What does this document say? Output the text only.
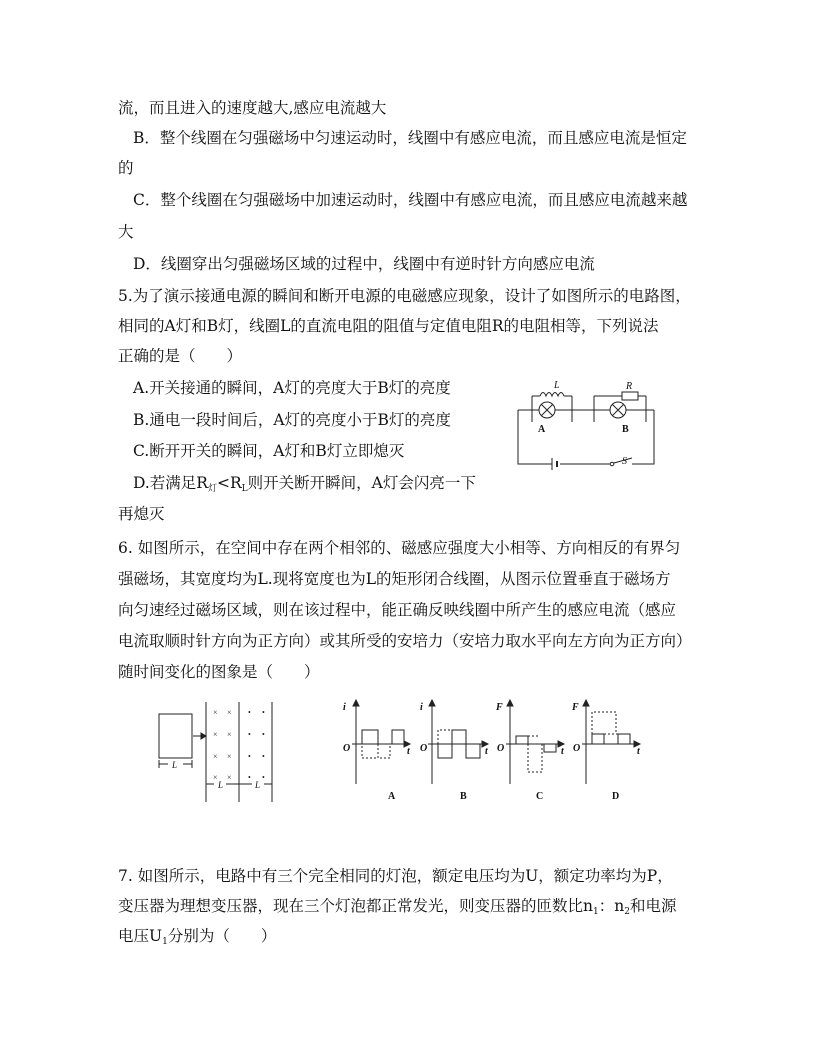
流，而且进入的速度越大,感应电流越大
B．整个线圈在匀强磁场中匀速运动时，线圈中有感应电流，而且感应电流是恒定
的
C．整个线圈在匀强磁场中加速运动时，线圈中有感应电流，而且感应电流越来越
大
D．线圈穿出匀强磁场区域的过程中，线圈中有逆时针方向感应电流
5.为了演示接通电源的瞬间和断开电源的电磁感应现象，设计了如图所示的电路图，
相同的A灯和B灯，线圈L的直流电阻的阻值与定值电阻R的电阻相等，下列说法
正确的是（　　）
A.开关接通的瞬间，A灯的亮度大于B灯的亮度
B.通电一段时间后，A灯的亮度小于B灯的亮度
C.断开开关的瞬间，A灯和B灯立即熄灭
D.若满足$R_灯<R_L$则开关断开瞬间，A灯会闪亮一下
再熄灭
L	R
S
A	B
6. 如图所示，在空间中存在两个相邻的、磁感应强度大小相等、方向相反的有界匀
强磁场，其宽度均为L.现将宽度也为L的矩形闭合线圈，从图示位置垂直于磁场方
向匀速经过磁场区域，则在该过程中，能正确反映线圈中所产生的感应电流（感应
电流取顺时针方向为正方向）或其所受的安培力（安培力取水平向左方向为正方向）
随时间变化的图象是（　　）
L
L	L
× ×
× ×
× ×
× ×
• •
• •
• •
• •
i
t
O
A
i
t
O
B
F
t
O
C
F
t
O
D
7. 如图所示，电路中有三个完全相同的灯泡，额定电压均为U，额定功率均为P，
变压器为理想变压器，现在三个灯泡都正常发光，则变压器的匝数比$n_1$：$n_2$和电源
电压$U_1$分别为（　　）
